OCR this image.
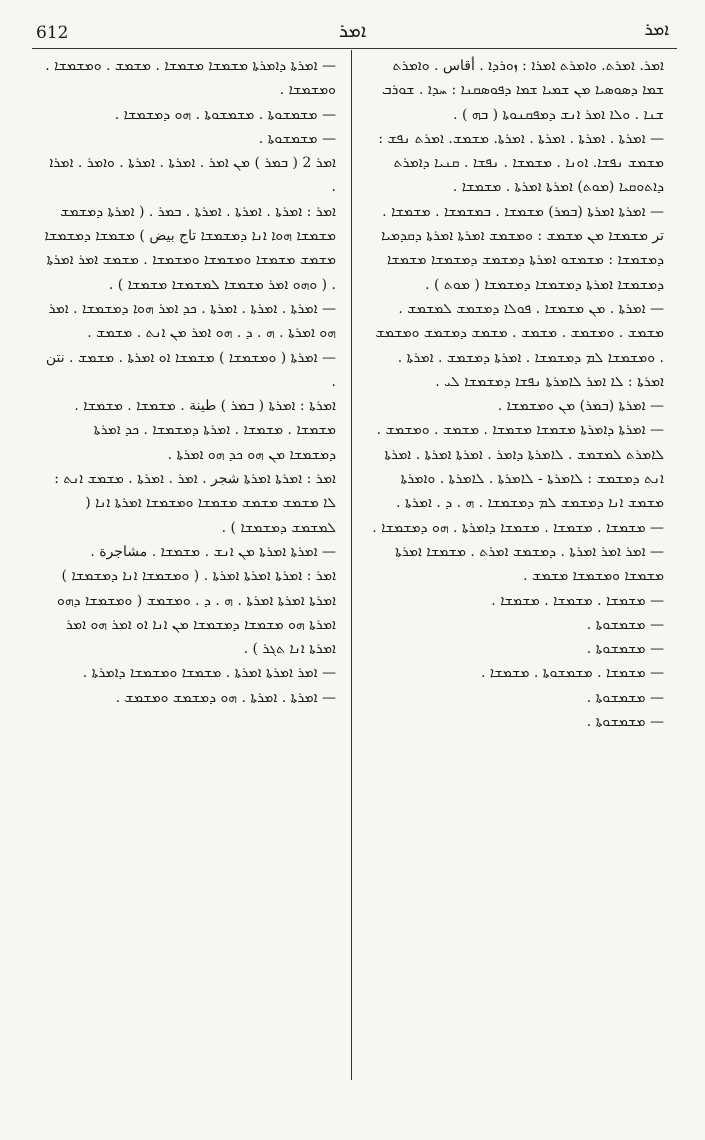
612	ܐܡܪ	ܐܡܪ

ܐܡܪ. ܐܡܪܬ. ܘܐܡܪܬ ܐܡܪܐ : ܙܘܪܕܐ . أقاس . ܘܐܡܪܬ ܫܡܐ ܕܣܘܣܝܐ ܡܢ ܫܡܝܐ ܫܡܐ ܕܦܘܣܩܢܐ : ܚܕܐ . ܫܘܪܒ ܫܢܐ . ܘܠܐ ܐܡܪ ܐܢܫ ܕܡܦܩܢܘܬܐ ( ܒܗ ) .

— ܐܡܪܬܐ . ܐܡܪܬܐ . ܐܡܪܬܐ . ܐܡܪܬܐ. ܡܫܡܫ. ܐܡܪܬ ܢܦܫ : ܡܫܡܫ ܢܦܫܐ. ܐܘܢܐ . ܡܫܡܫܐ . ܢܦܫܐ . ܩܢܝܐ ܕܐܡܪܬ ܕܐܬܘܩܝܐ (ܡܘܬ) ܐܡܪܬܐ ܐܡܪܬܐ . ܡܫܡܫܐ .

— ܐܡܪܬܐ ܐܡܪܬܐ (ܒܡܪ) ܡܫܡܫܐ . ܒܡܫܡܫܐ . ܡܫܡܫܐ . تر ܡܫܡܫܐ ܡܢ ܡܫܡܫ : ܘܡܫܡܫ ܐܡܪܬܐ ܐܡܪܬܐ ܕܩܕܡܝܐ ܕܡܫܡܫܐ : ܡܫܡܫܘ ܐܡܪܬܐ ܕܡܫܡܫ ܕܡܫܡܫܐ ܡܫܡܫܐ ܕܡܫܡܫܐ ܐܡܪܬܐ ܕܡܫܡܫܐ ܕܡܫܡܫܐ ( ܡܘܬ ) .

— ܐܡܪܬܐ . ܡܢ ܡܫܡܫܐ . ܦܘܠܐ ܕܡܫܡܫ ܠܡܫܡܫ . ܡܫܡܫ . ܘܡܫܡܫ . ܡܫܡܫ . ܡܫܡܫ ܕܡܫܡܫ ܘܡܫܡܫ . ܘܡܫܡܫܐ ܠܡ ܕܡܫܡܫܐ . ܐܡܪܬܐ ܕܡܫܡܫ . ܐܡܪܬܐ . ܐܡܪܬܐ : ܠܐ ܐܡܪ ܠܐܡܪܬܐ ܢܦܫܐ ܕܡܫܡܫܐ ܠܝ .

— ܐܡܪܬܐ (ܒܡܪ) ܡܢ ܘܡܫܡܫܐ .

— ܐܡܪܬܐ ܕܐܡܪܬܐ ܡܫܡܫܐ ܡܫܡܫܐ . ܡܫܡܫ . ܘܡܫܡܫ . ܠܐܡܪܬ ܠܡܫܡܫ . ܠܐܡܪܬܐ ܕܐܡܪ . ܐܡܪܬܐ ܐܡܪܬܐ . ܐܡܪܬܐ ܐܢܬ ܕܡܫܡܫ : ܠܐܡܪܬܐ - ܠܐܡܪܬܐ . ܠܐܡܪܬܐ . ܘܐܡܪܬܐ ܡܫܡܫ ܐܢܐ ܕܡܫܡܫ ܠܡ ܕܡܫܡܫܐ . ܗ . ܕ . ܐܡܪܬܐ .

— ܡܫܡܫܐ . ܡܫܡܫܐ . ܡܫܡܫܐ ܕܐܡܪܬܐ . ܗܘ ܕܡܫܡܫܐ .

— ܐܡܪ ܐܡܪ ܐܡܪܬܐ . ܕܡܫܡܫ ܐܡܪܬ . ܡܫܡܫܐ ܐܡܪܬܐ ܡܫܡܫܐ ܘܡܫܡܫܐ ܡܫܡܫ .

— ܡܫܡܫܐ . ܡܫܡܫܐ . ܡܫܡܫܐ .

— ܡܫܡܫܘܬܐ .

— ܡܫܡܫܘܬܐ .

— ܡܫܡܫܐ . ܡܫܡܫܘܬܐ . ܡܫܡܫܐ .

— ܡܫܡܫܘܬܐ .

— ܡܫܡܫܘܬܐ .

— ܐܡܪܬܐ ܕܐܡܪܬܐ ܡܫܡܫܐ ܡܫܡܫܐ . ܡܫܡܫ . ܘܡܫܡܫܐ . ܘܡܫܡܫܐ .

— ܡܫܡܫܘܬܐ . ܡܫܡܫܘܬܐ . ܗܘ ܕܡܫܡܫܐ .

— ܡܫܡܫܘܬܐ .

ܐܡܪ 2 ( ܒܡܪ ) ܡܢ ܐܡܪ . ܐܡܪܬܐ . ܐܡܪܬܐ . ܘܐܡܪ . ܐܡܪܐ .

ܐܡܪ : ܐܡܪܬܐ . ܐܡܪܬܐ . ܐܡܪܬܐ . ܒܡܪ . ( ܐܡܪܬܐ ܕܡܫܡܫ ܡܫܡܫܐ ܗܘܐ ܐܢܐ ܕܡܫܡܫܐ تاج بيض ) ܡܫܡܫܐ ܕܡܫܡܫܐ ܡܫܡܫ ܡܫܡܫܐ ܘܡܫܡܫܐ ܘܡܫܡܫܐ . ܡܫܡܫ ܐܡܪ ܐܡܪܬܐ . ( ܘܗܘ ܐܡܪ ܡܫܡܫܐ ܠܡܫܡܫܐ ܡܫܡܫܐ ) .

— ܐܡܪܬܐ . ܐܡܪܬܐ . ܐܡܪܬܐ . ܟܕ ܐܡܪ ܗܘܐ ܕܡܫܡܫܐ . ܐܡܪ ܗܘ ܐܡܪܬܐ . ܗ . ܕ . ܗܘ ܐܡܪ ܡܢ ܐܢܬ . ܡܫܡܫ .

— ܐܡܪܬܐ ( ܘܡܫܡܫܐ ) ܡܫܡܫܐ ܐܘ ܐܡܪܬܐ . ܡܫܡܫ . نتن .

ܐܡܪܬܐ : ܐܡܪܬܐ ( ܒܡܪ ) طينة . ܡܫܡܫܐ . ܡܫܡܫܐ . ܡܫܡܫܐ . ܡܫܡܫܐ . ܐܡܪܬܐ ܕܡܫܡܫܐ . ܟܕ ܐܡܪܬܐ ܕܡܫܡܫܐ ܡܢ ܗܘ ܟܕ ܗܘ ܐܡܪܬܐ .

ܐܡܪ : ܐܡܪܬܐ ܐܡܪܬܐ شجر . ܐܡܪ . ܐܡܪܬܐ . ܡܫܡܫ ܐܢܬ : ܠܐ ܡܫܡܫ ܡܫܡܫ ܡܫܡܫܐ ܘܡܫܡܫܐ ܐܡܪܬܐ ܐܢܐ ( ܠܡܫܡܫ ܕܡܫܡܫܐ ) .

— ܐܡܪܬܐ ܐܡܪܬܐ ܡܢ ܐܢܫ . ܡܫܡܫܐ . مشاجرة .

ܐܡܪ : ܐܡܪܬܐ ܐܡܪܬܐ ܐܡܪܬܐ . ( ܘܡܫܡܫܐ ܐܢܐ ܕܡܫܡܫܐ ) ܐܡܪܬܐ ܐܡܪܬܐ ܐܡܪܬܐ . ܗ . ܕ . ܘܡܫܡܫ ( ܘܡܫܡܫܐ ܕܗܘ ܐܡܪܬܐ ܗܘ ܡܫܡܫܐ ܕܡܫܡܫܐ ܡܢ ܐܢܐ ܐܘ ܐܡܪ ܗܘ ܐܡܪ ܐܡܪܬܐ ܐܢܐ ܬܓܪ ) .

— ܐܡܪ ܐܡܪܬܐ ܐܡܪܬܐ . ܡܫܡܫܐ ܘܡܫܡܫܐ ܕܐܡܪܬܐ .

— ܐܡܪܬܐ . ܐܡܪܬܐ . ܗܘ ܕܡܫܡܫ ܘܡܫܡܫ .
